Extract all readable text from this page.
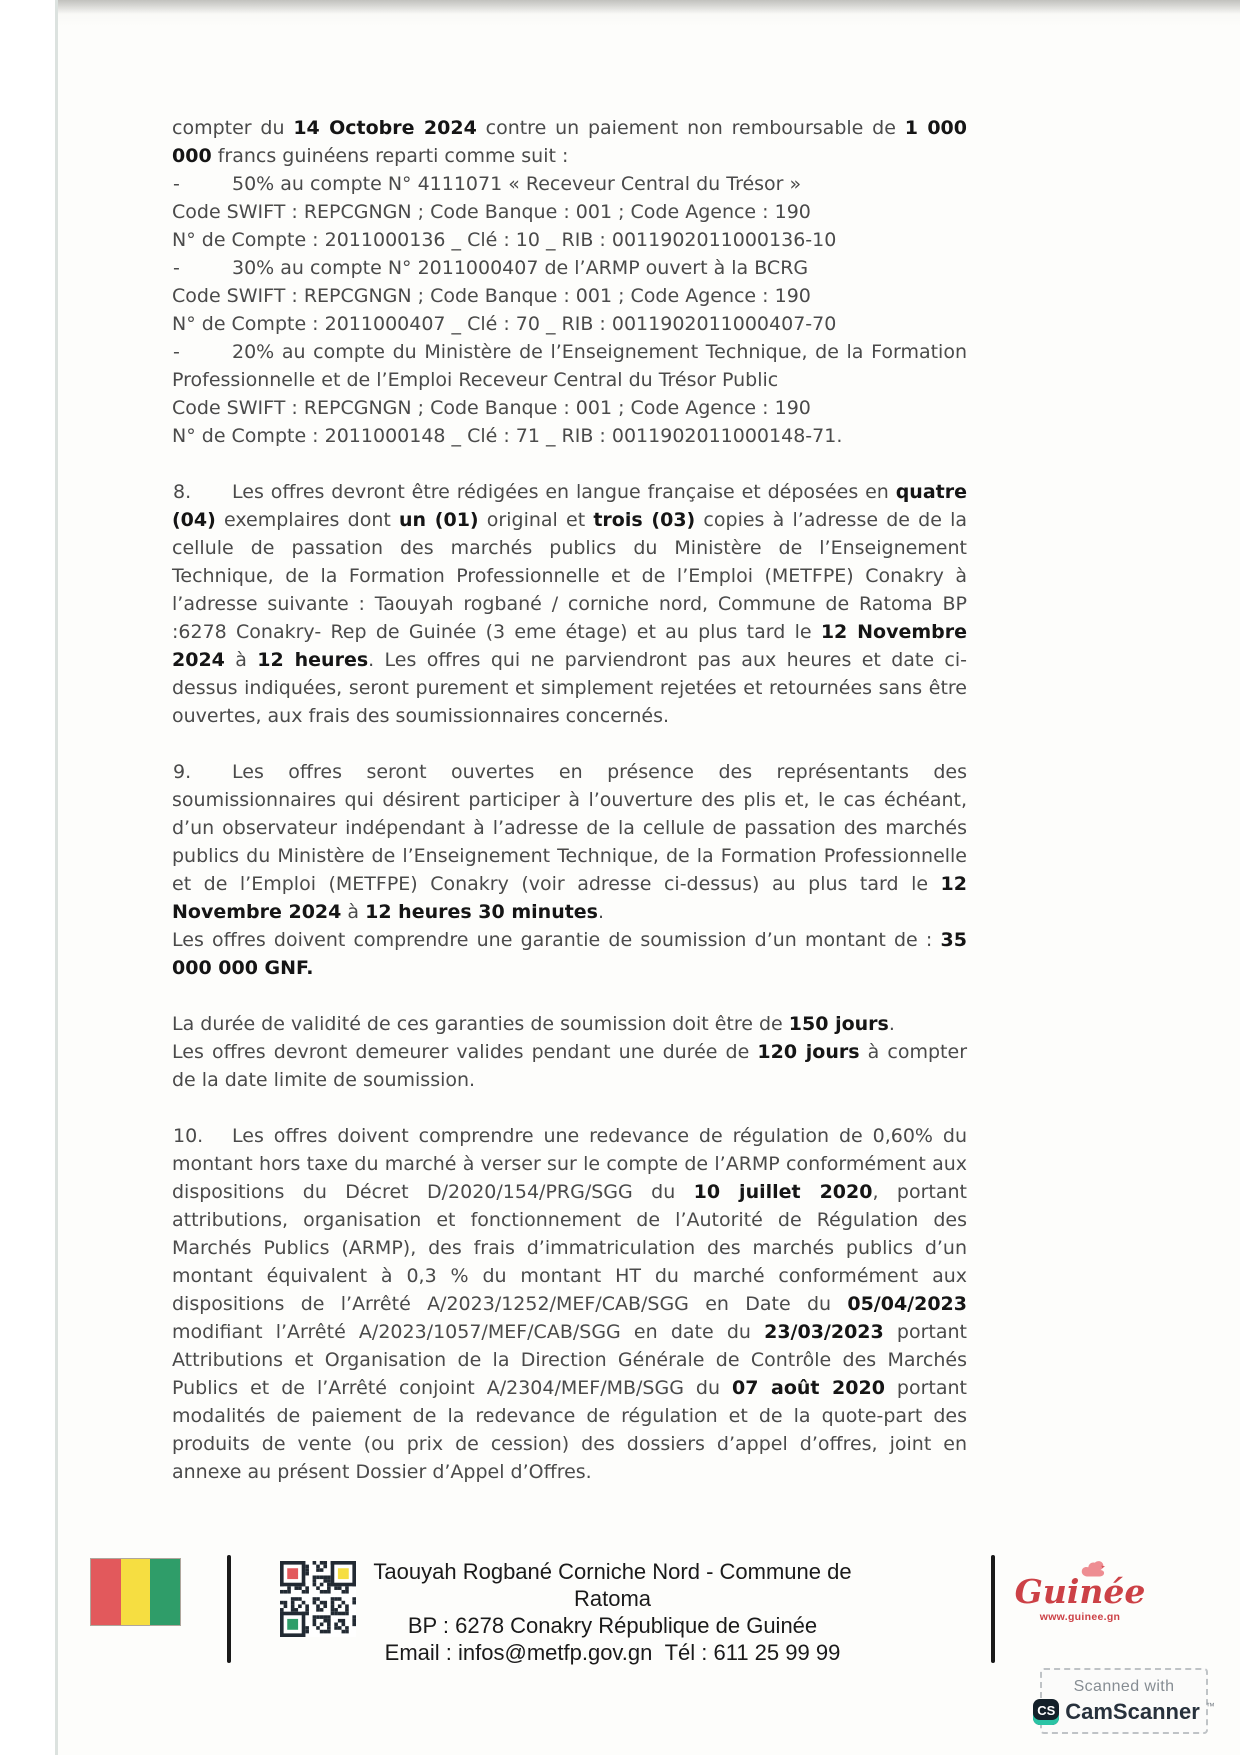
compter du 14 Octobre 2024 contre un paiement non remboursable de 1 000 000 francs guinéens reparti comme suit :
-	50% au compte N° 4111071 « Receveur Central du Trésor »
Code SWIFT : REPCGNGN ; Code Banque : 001 ; Code Agence : 190
N° de Compte : 2011000136 _ Clé : 10 _ RIB : 0011902011000136-10
-	30% au compte N° 2011000407 de l’ARMP ouvert à la BCRG
Code SWIFT : REPCGNGN ; Code Banque : 001 ; Code Agence : 190
N° de Compte : 2011000407 _ Clé : 70 _ RIB : 0011902011000407-70
-	20% au compte du Ministère de l’Enseignement Technique, de la Formation Professionnelle et de l’Emploi Receveur Central du Trésor Public
Code SWIFT : REPCGNGN ; Code Banque : 001 ; Code Agence : 190
N° de Compte : 2011000148 _ Clé : 71 _ RIB : 0011902011000148-71.
8.	Les offres devront être rédigées en langue française et déposées en quatre (04) exemplaires dont un (01) original et trois (03) copies à l’adresse de de la cellule de passation des marchés publics du Ministère de l’Enseignement Technique, de la Formation Professionnelle et de l’Emploi (METFPE) Conakry à l’adresse suivante : Taouyah rogbané / corniche nord, Commune de Ratoma BP :6278 Conakry- Rep de Guinée (3 eme étage) et au plus tard le 12 Novembre 2024 à 12 heures. Les offres qui ne parviendront pas aux heures et date ci-dessus indiquées, seront purement et simplement rejetées et retournées sans être ouvertes, aux frais des soumissionnaires concernés.
9.	Les offres seront ouvertes en présence des représentants des soumissionnaires qui désirent participer à l’ouverture des plis et, le cas échéant, d’un observateur indépendant à l’adresse de la cellule de passation des marchés publics du Ministère de l’Enseignement Technique, de la Formation Professionnelle et de l’Emploi (METFPE) Conakry (voir adresse ci-dessus) au plus tard le 12 Novembre 2024 à 12 heures 30 minutes.
Les offres doivent comprendre une garantie de soumission d’un montant de : 35 000 000 GNF.
La durée de validité de ces garanties de soumission doit être de 150 jours.
Les offres devront demeurer valides pendant une durée de 120 jours à compter de la date limite de soumission.
10.	Les offres doivent comprendre une redevance de régulation de 0,60% du montant hors taxe du marché à verser sur le compte de l’ARMP conformément aux dispositions du Décret D/2020/154/PRG/SGG du 10 juillet 2020, portant attributions, organisation et fonctionnement de l’Autorité de Régulation des Marchés Publics (ARMP), des frais d’immatriculation des marchés publics d’un montant équivalent à 0,3 % du montant HT du marché conformément aux dispositions de l’Arrêté A/2023/1252/MEF/CAB/SGG en Date du 05/04/2023 modifiant l’Arrêté A/2023/1057/MEF/CAB/SGG en date du 23/03/2023 portant Attributions et Organisation de la Direction Générale de Contrôle des Marchés Publics et de l’Arrêté conjoint A/2304/MEF/MB/SGG du 07 août 2020 portant modalités de paiement de la redevance de régulation et de la quote-part des produits de vente (ou prix de cession) des dossiers d’appel d’offres, joint en annexe au présent Dossier d’Appel d’Offres.
Taouyah Rogbané Corniche Nord - Commune de Ratoma
BP : 6278 Conakry République de Guinée
Email : infos@metfp.gov.gn  Tél : 611 25 99 99
Guinée
www.guinee.gn
Scanned with
CS CamScanner ™
